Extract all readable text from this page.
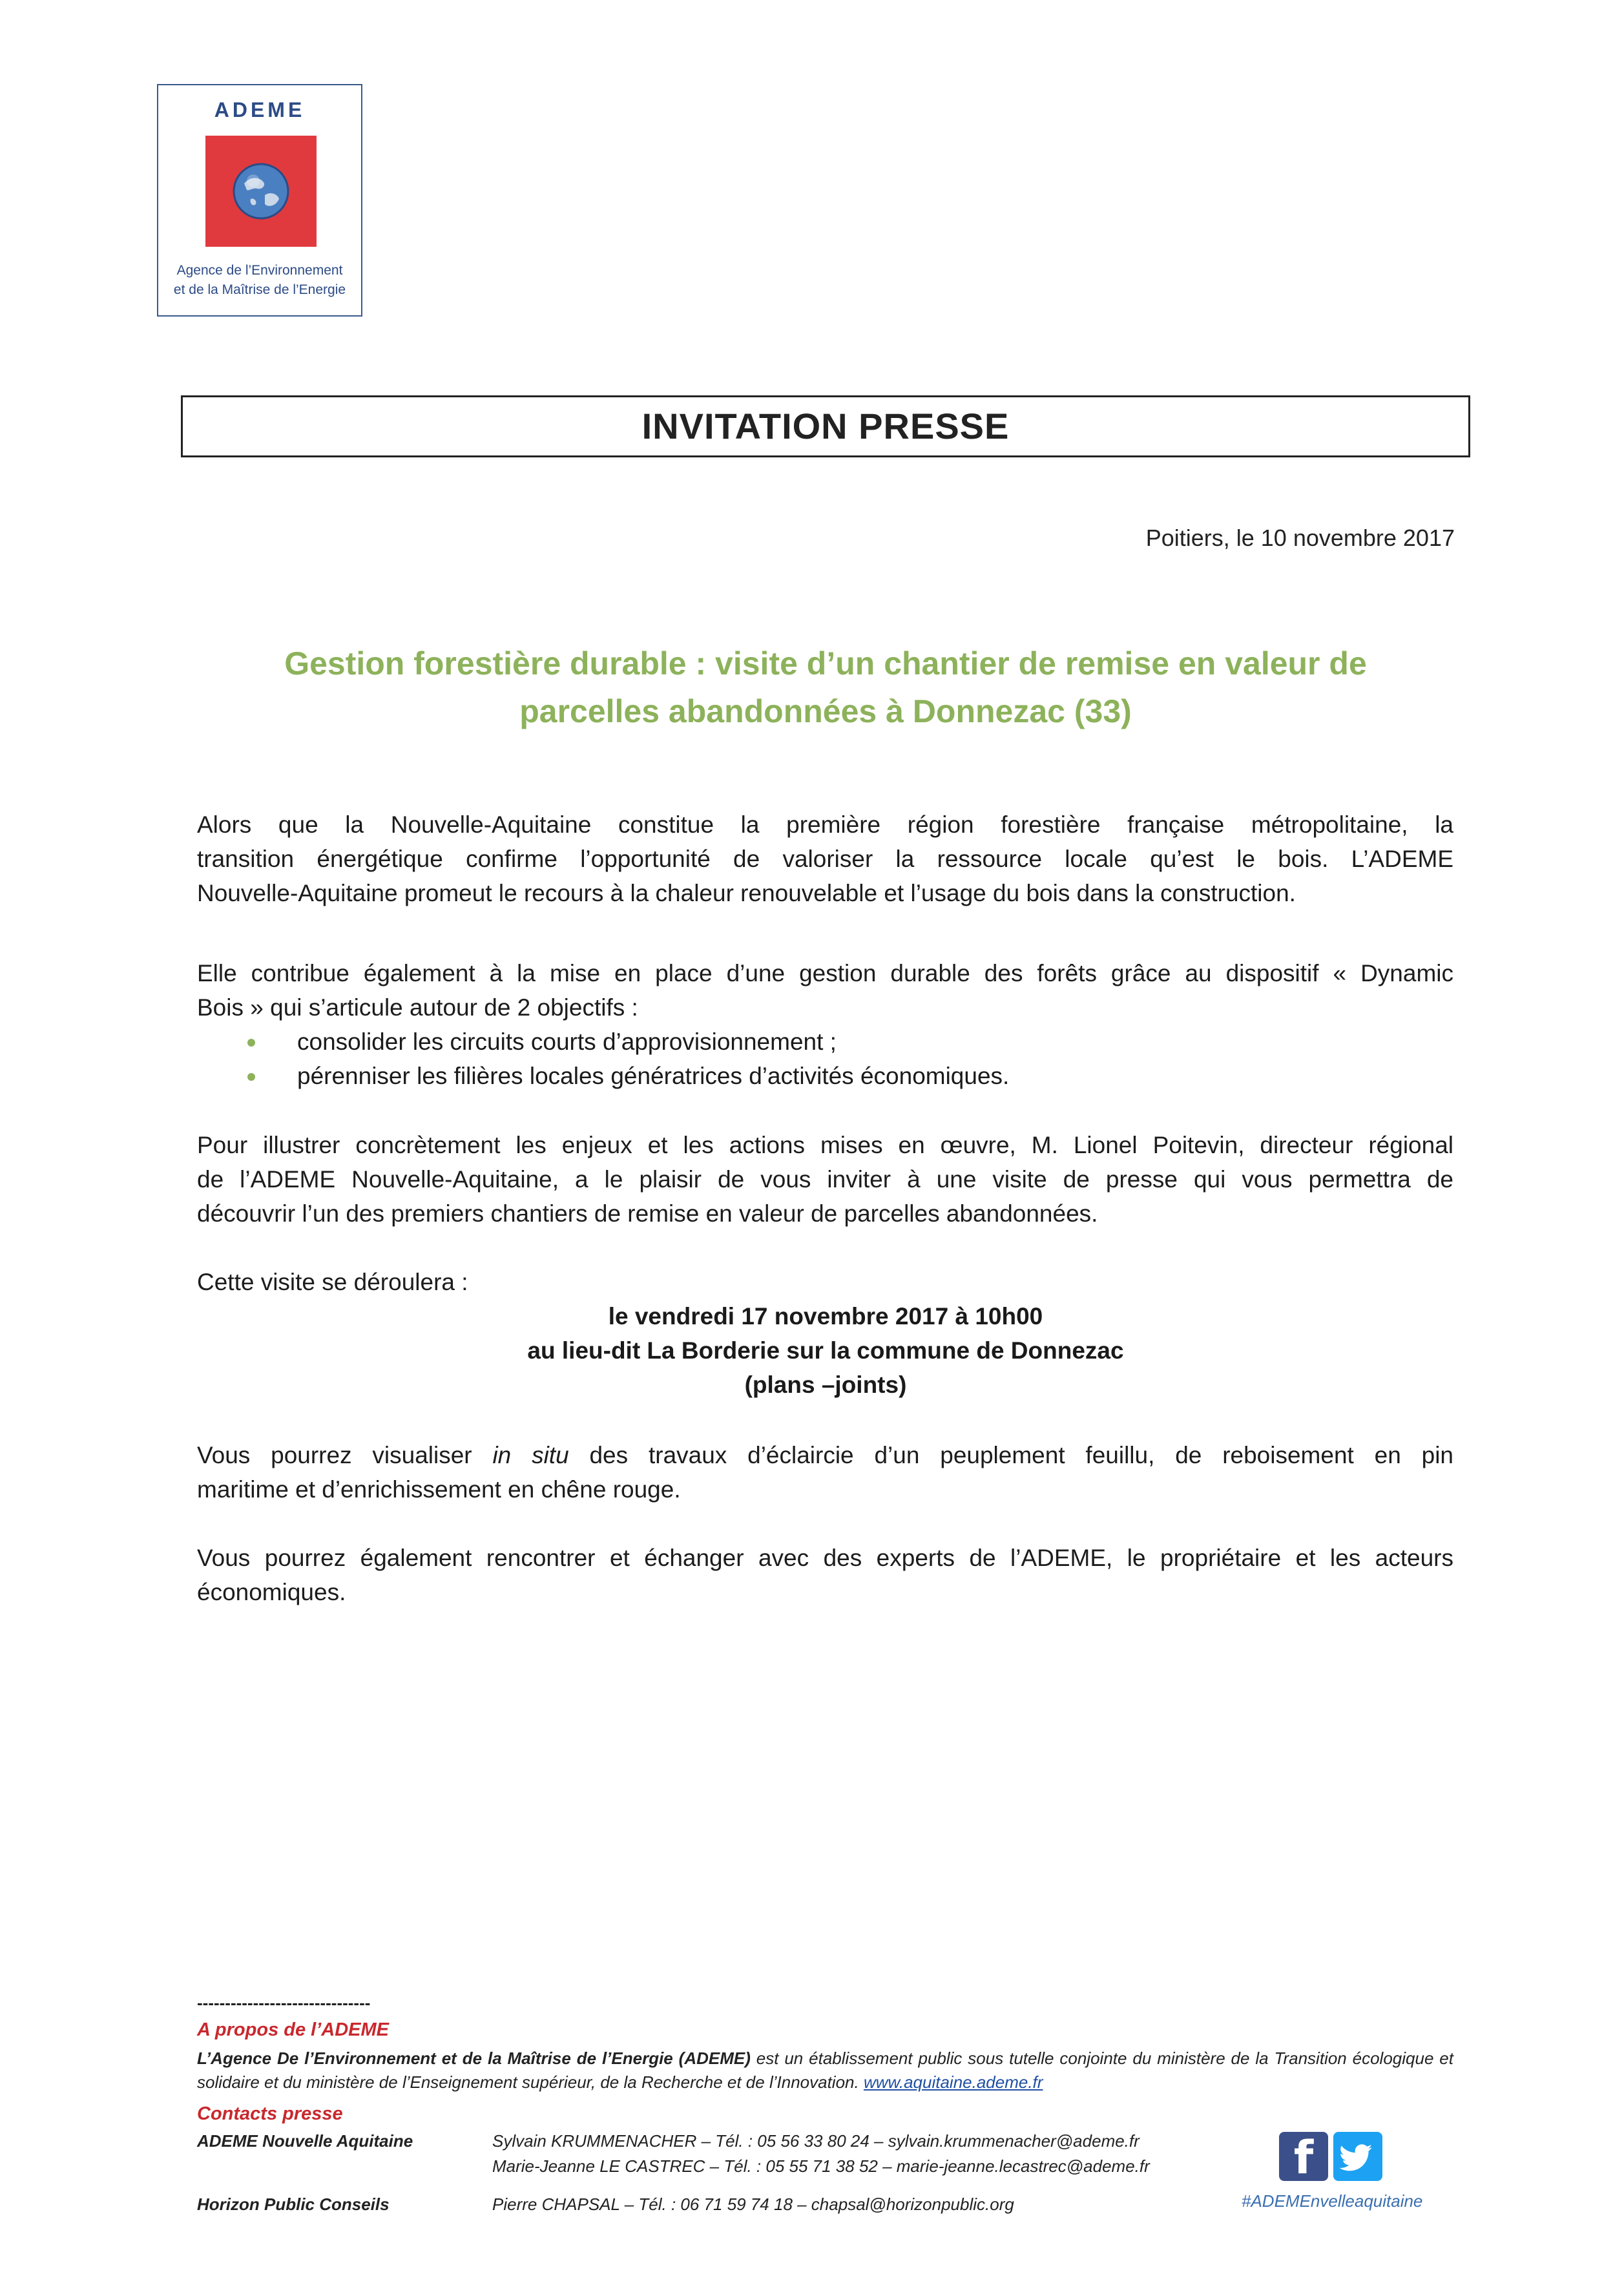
ADEME
Agence de l’Environnement
et de la Maîtrise de l’Energie
INVITATION PRESSE
Poitiers, le 10 novembre 2017
Gestion forestière durable : visite d’un chantier de remise en valeur de
parcelles abandonnées à Donnezac (33)
Alors que la Nouvelle-Aquitaine constitue la première région forestière française métropolitaine, la
transition énergétique confirme l’opportunité de valoriser la ressource locale qu’est le bois. L’ADEME
Nouvelle-Aquitaine promeut le recours à la chaleur renouvelable et l’usage du bois dans la construction.
Elle contribue également à la mise en place d’une gestion durable des forêts grâce au dispositif « Dynamic
Bois » qui s’articule autour de 2 objectifs :
consolider les circuits courts d’approvisionnement ;
pérenniser les filières locales génératrices d’activités économiques.
Pour illustrer concrètement les enjeux et les actions mises en œuvre, M. Lionel Poitevin, directeur régional
de l’ADEME Nouvelle-Aquitaine, a le plaisir de vous inviter à une visite de presse qui vous permettra de
découvrir l’un des premiers chantiers de remise en valeur de parcelles abandonnées.
Cette visite se déroulera :
le vendredi 17 novembre 2017 à 10h00
au lieu-dit La Borderie sur la commune de Donnezac
(plans –joints)
Vous pourrez visualiser in situ des travaux d’éclaircie d’un peuplement feuillu, de reboisement en pin
maritime et d’enrichissement en chêne rouge.
Vous pourrez également rencontrer et échanger avec des experts de l’ADEME, le propriétaire et les acteurs
économiques.
-------------------------------
A propos de l’ADEME
L’Agence De l’Environnement et de la Maîtrise de l’Energie (ADEME) est un établissement public sous tutelle conjointe du ministère de la Transition écologique et solidaire et du ministère de l’Enseignement supérieur, de la Recherche et de l’Innovation. www.aquitaine.ademe.fr
Contacts presse
ADEME Nouvelle Aquitaine	Sylvain KRUMMENACHER – Tél. : 05 56 33 80 24 – sylvain.krummenacher@ademe.fr
Marie-Jeanne LE CASTREC – Tél. : 05 55 71 38 52 – marie-jeanne.lecastrec@ademe.fr
Horizon Public Conseils	Pierre CHAPSAL – Tél. : 06 71 59 74 18 – chapsal@horizonpublic.org
f
#ADEMEnvelleaquitaine
